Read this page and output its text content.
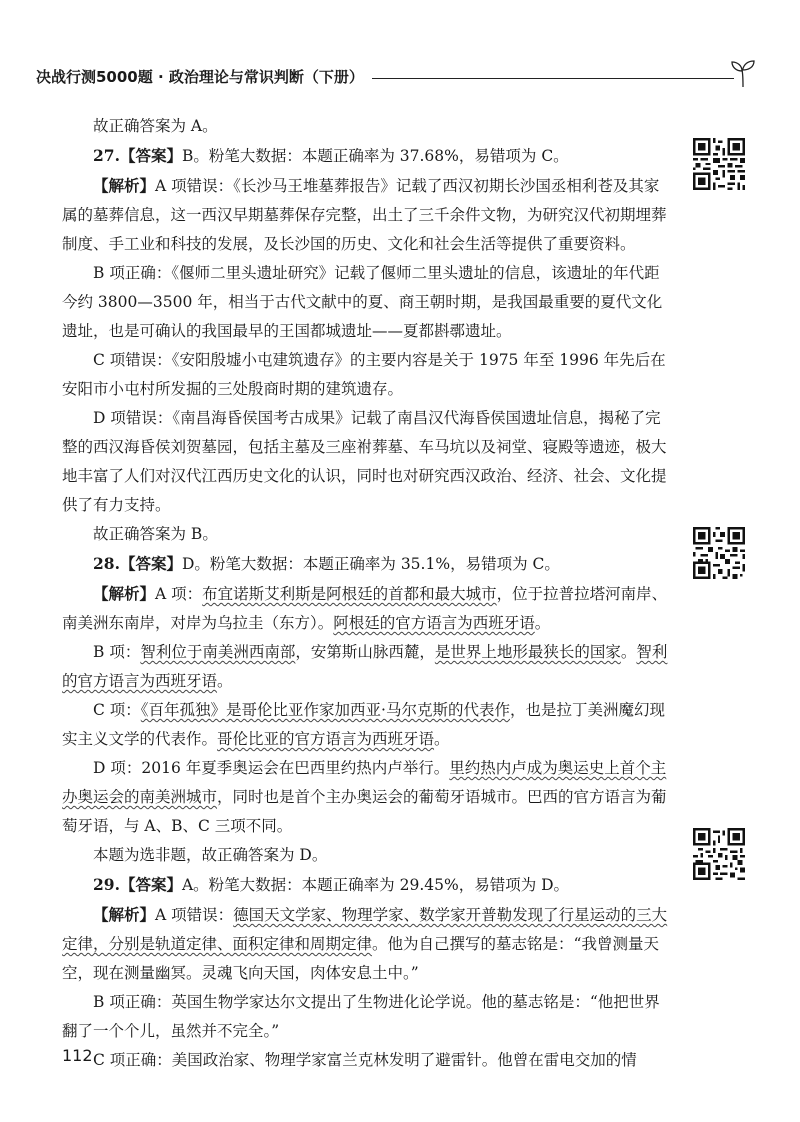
决战行测5000题 · 政治理论与常识判断（下册）

故正确答案为 A。

27.【答案】B。粉笔大数据：本题正确率为 37.68%，易错项为 C。

【解析】A 项错误：《长沙马王堆墓葬报告》记载了西汉初期长沙国丞相利苍及其家属的墓葬信息，这一西汉早期墓葬保存完整，出土了三千余件文物，为研究汉代初期埋葬制度、手工业和科技的发展，及长沙国的历史、文化和社会生活等提供了重要资料。

B 项正确：《偃师二里头遗址研究》记载了偃师二里头遗址的信息，该遗址的年代距今约 3800—3500 年，相当于古代文献中的夏、商王朝时期，是我国最重要的夏代文化遗址，也是可确认的我国最早的王国都城遗址——夏都斟鄩遗址。

C 项错误：《安阳殷墟小屯建筑遗存》的主要内容是关于 1975 年至 1996 年先后在安阳市小屯村所发掘的三处殷商时期的建筑遗存。

D 项错误：《南昌海昏侯国考古成果》记载了南昌汉代海昏侯国遗址信息，揭秘了完整的西汉海昏侯刘贺墓园，包括主墓及三座祔葬墓、车马坑以及祠堂、寝殿等遗迹，极大地丰富了人们对汉代江西历史文化的认识，同时也对研究西汉政治、经济、社会、文化提供了有力支持。

故正确答案为 B。

28.【答案】D。粉笔大数据：本题正确率为 35.1%，易错项为 C。

【解析】A 项：布宜诺斯艾利斯是阿根廷的首都和最大城市，位于拉普拉塔河南岸、南美洲东南岸，对岸为乌拉圭（东方）。阿根廷的官方语言为西班牙语。

B 项：智利位于南美洲西南部，安第斯山脉西麓，是世界上地形最狭长的国家。智利的官方语言为西班牙语。

C 项：《百年孤独》是哥伦比亚作家加西亚·马尔克斯的代表作，也是拉丁美洲魔幻现实主义文学的代表作。哥伦比亚的官方语言为西班牙语。

D 项：2016 年夏季奥运会在巴西里约热内卢举行。里约热内卢成为奥运史上首个主办奥运会的南美洲城市，同时也是首个主办奥运会的葡萄牙语城市。巴西的官方语言为葡萄牙语，与 A、B、C 三项不同。

本题为选非题，故正确答案为 D。

29.【答案】A。粉笔大数据：本题正确率为 29.45%，易错项为 D。

【解析】A 项错误：德国天文学家、物理学家、数学家开普勒发现了行星运动的三大定律，分别是轨道定律、面积定律和周期定律。他为自己撰写的墓志铭是：“我曾测量天空，现在测量幽冥。灵魂飞向天国，肉体安息土中。”

B 项正确：英国生物学家达尔文提出了生物进化论学说。他的墓志铭是：“他把世界翻了一个个儿，虽然并不完全。”

C 项正确：美国政治家、物理学家富兰克林发明了避雷针。他曾在雷电交加的情

112
